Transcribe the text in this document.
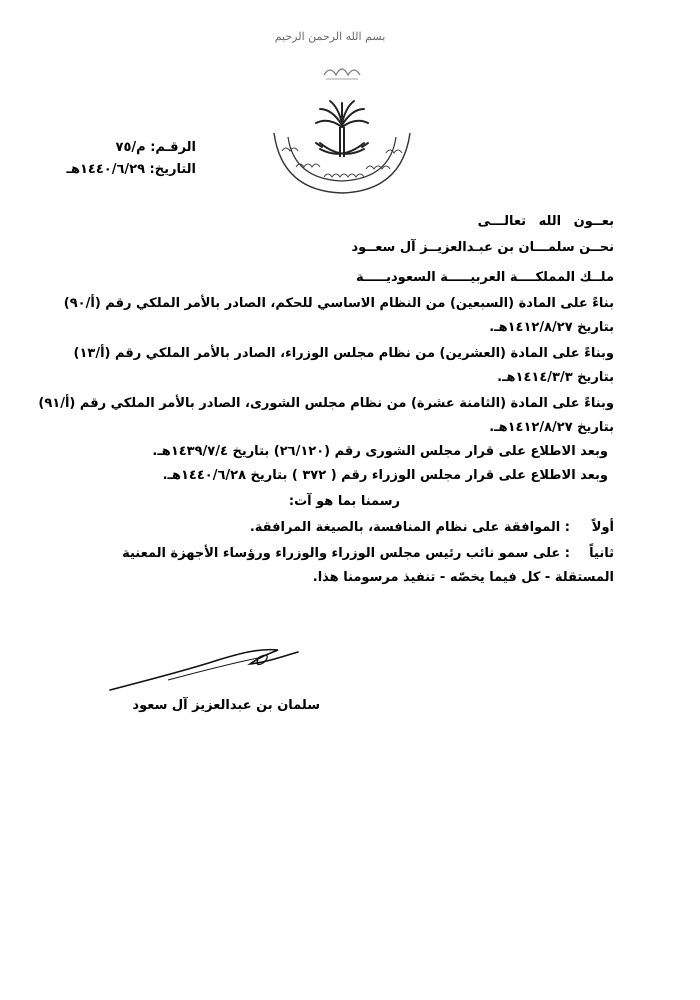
بسم الله الرحمن الرحيم
الرقـم: م/٧٥
التاريخ: ١٤٤٠/٦/٢٩هـ
بعــون الله تعالـــى
نحــن سلمـــان بن عبـدالعزيــز آل سعــود
ملــك المملكــــة العربيـــــة السعوديـــــة
بناءً على المادة (السبعين) من النظام الاساسي للحكم، الصادر بالأمر الملكي رقم (أ/٩٠)
بتاريخ ١٤١٢/٨/٢٧هـ.
وبناءً على المادة (العشرين) من نظام مجلس الوزراء، الصادر بالأمر الملكي رقم (أ/١٣)
بتاريخ ١٤١٤/٣/٣هـ.
وبناءً على المادة (الثامنة عشرة) من نظام مجلس الشورى، الصادر بالأمر الملكي رقم (أ/٩١)
بتاريخ ١٤١٢/٨/٢٧هـ.
وبعد الاطلاع على قرار مجلس الشورى رقم (٢٦/١٢٠) بتاريخ ١٤٣٩/٧/٤هـ.
وبعد الاطلاع على قرار مجلس الوزراء رقم ( ٣٧٢ ) بتاريخ ١٤٤٠/٦/٢٨هـ.
رسمنا بما هو آت:
أولاً
: الموافقة على نظام المنافسة، بالصيغة المرافقة.
ثانياً
: على سمو نائب رئيس مجلس الوزراء والوزراء ورؤساء الأجهزة المعنية
المستقلة - كل فيما يخصّه - تنفيذ مرسومنا هذا.
سلمان بن عبدالعزيز آل سعود
